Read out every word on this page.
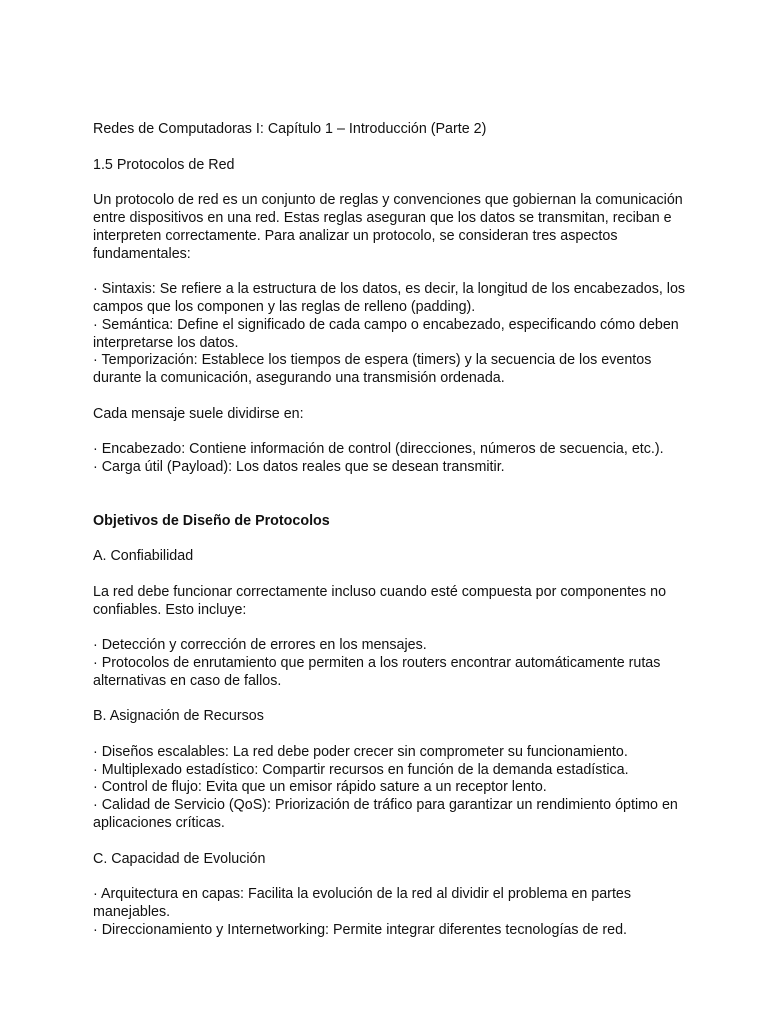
Redes de Computadoras I: Capítulo 1 – Introducción (Parte 2)

1.5 Protocolos de Red

Un protocolo de red es un conjunto de reglas y convenciones que gobiernan la comunicación entre dispositivos en una red. Estas reglas aseguran que los datos se transmitan, reciban e interpreten correctamente. Para analizar un protocolo, se consideran tres aspectos fundamentales:

· Sintaxis: Se refiere a la estructura de los datos, es decir, la longitud de los encabezados, los campos que los componen y las reglas de relleno (padding).

· Semántica: Define el significado de cada campo o encabezado, especificando cómo deben interpretarse los datos.

· Temporización: Establece los tiempos de espera (timers) y la secuencia de los eventos durante la comunicación, asegurando una transmisión ordenada.

Cada mensaje suele dividirse en:

· Encabezado: Contiene información de control (direcciones, números de secuencia, etc.).

· Carga útil (Payload): Los datos reales que se desean transmitir.

Objetivos de Diseño de Protocolos

A. Confiabilidad

La red debe funcionar correctamente incluso cuando esté compuesta por componentes no confiables. Esto incluye:

· Detección y corrección de errores en los mensajes.

· Protocolos de enrutamiento que permiten a los routers encontrar automáticamente rutas alternativas en caso de fallos.

B. Asignación de Recursos

· Diseños escalables: La red debe poder crecer sin comprometer su funcionamiento.

· Multiplexado estadístico: Compartir recursos en función de la demanda estadística.

· Control de flujo: Evita que un emisor rápido sature a un receptor lento.

· Calidad de Servicio (QoS): Priorización de tráfico para garantizar un rendimiento óptimo en aplicaciones críticas.

C. Capacidad de Evolución

· Arquitectura en capas: Facilita la evolución de la red al dividir el problema en partes manejables.

· Direccionamiento y Internetworking: Permite integrar diferentes tecnologías de red.
